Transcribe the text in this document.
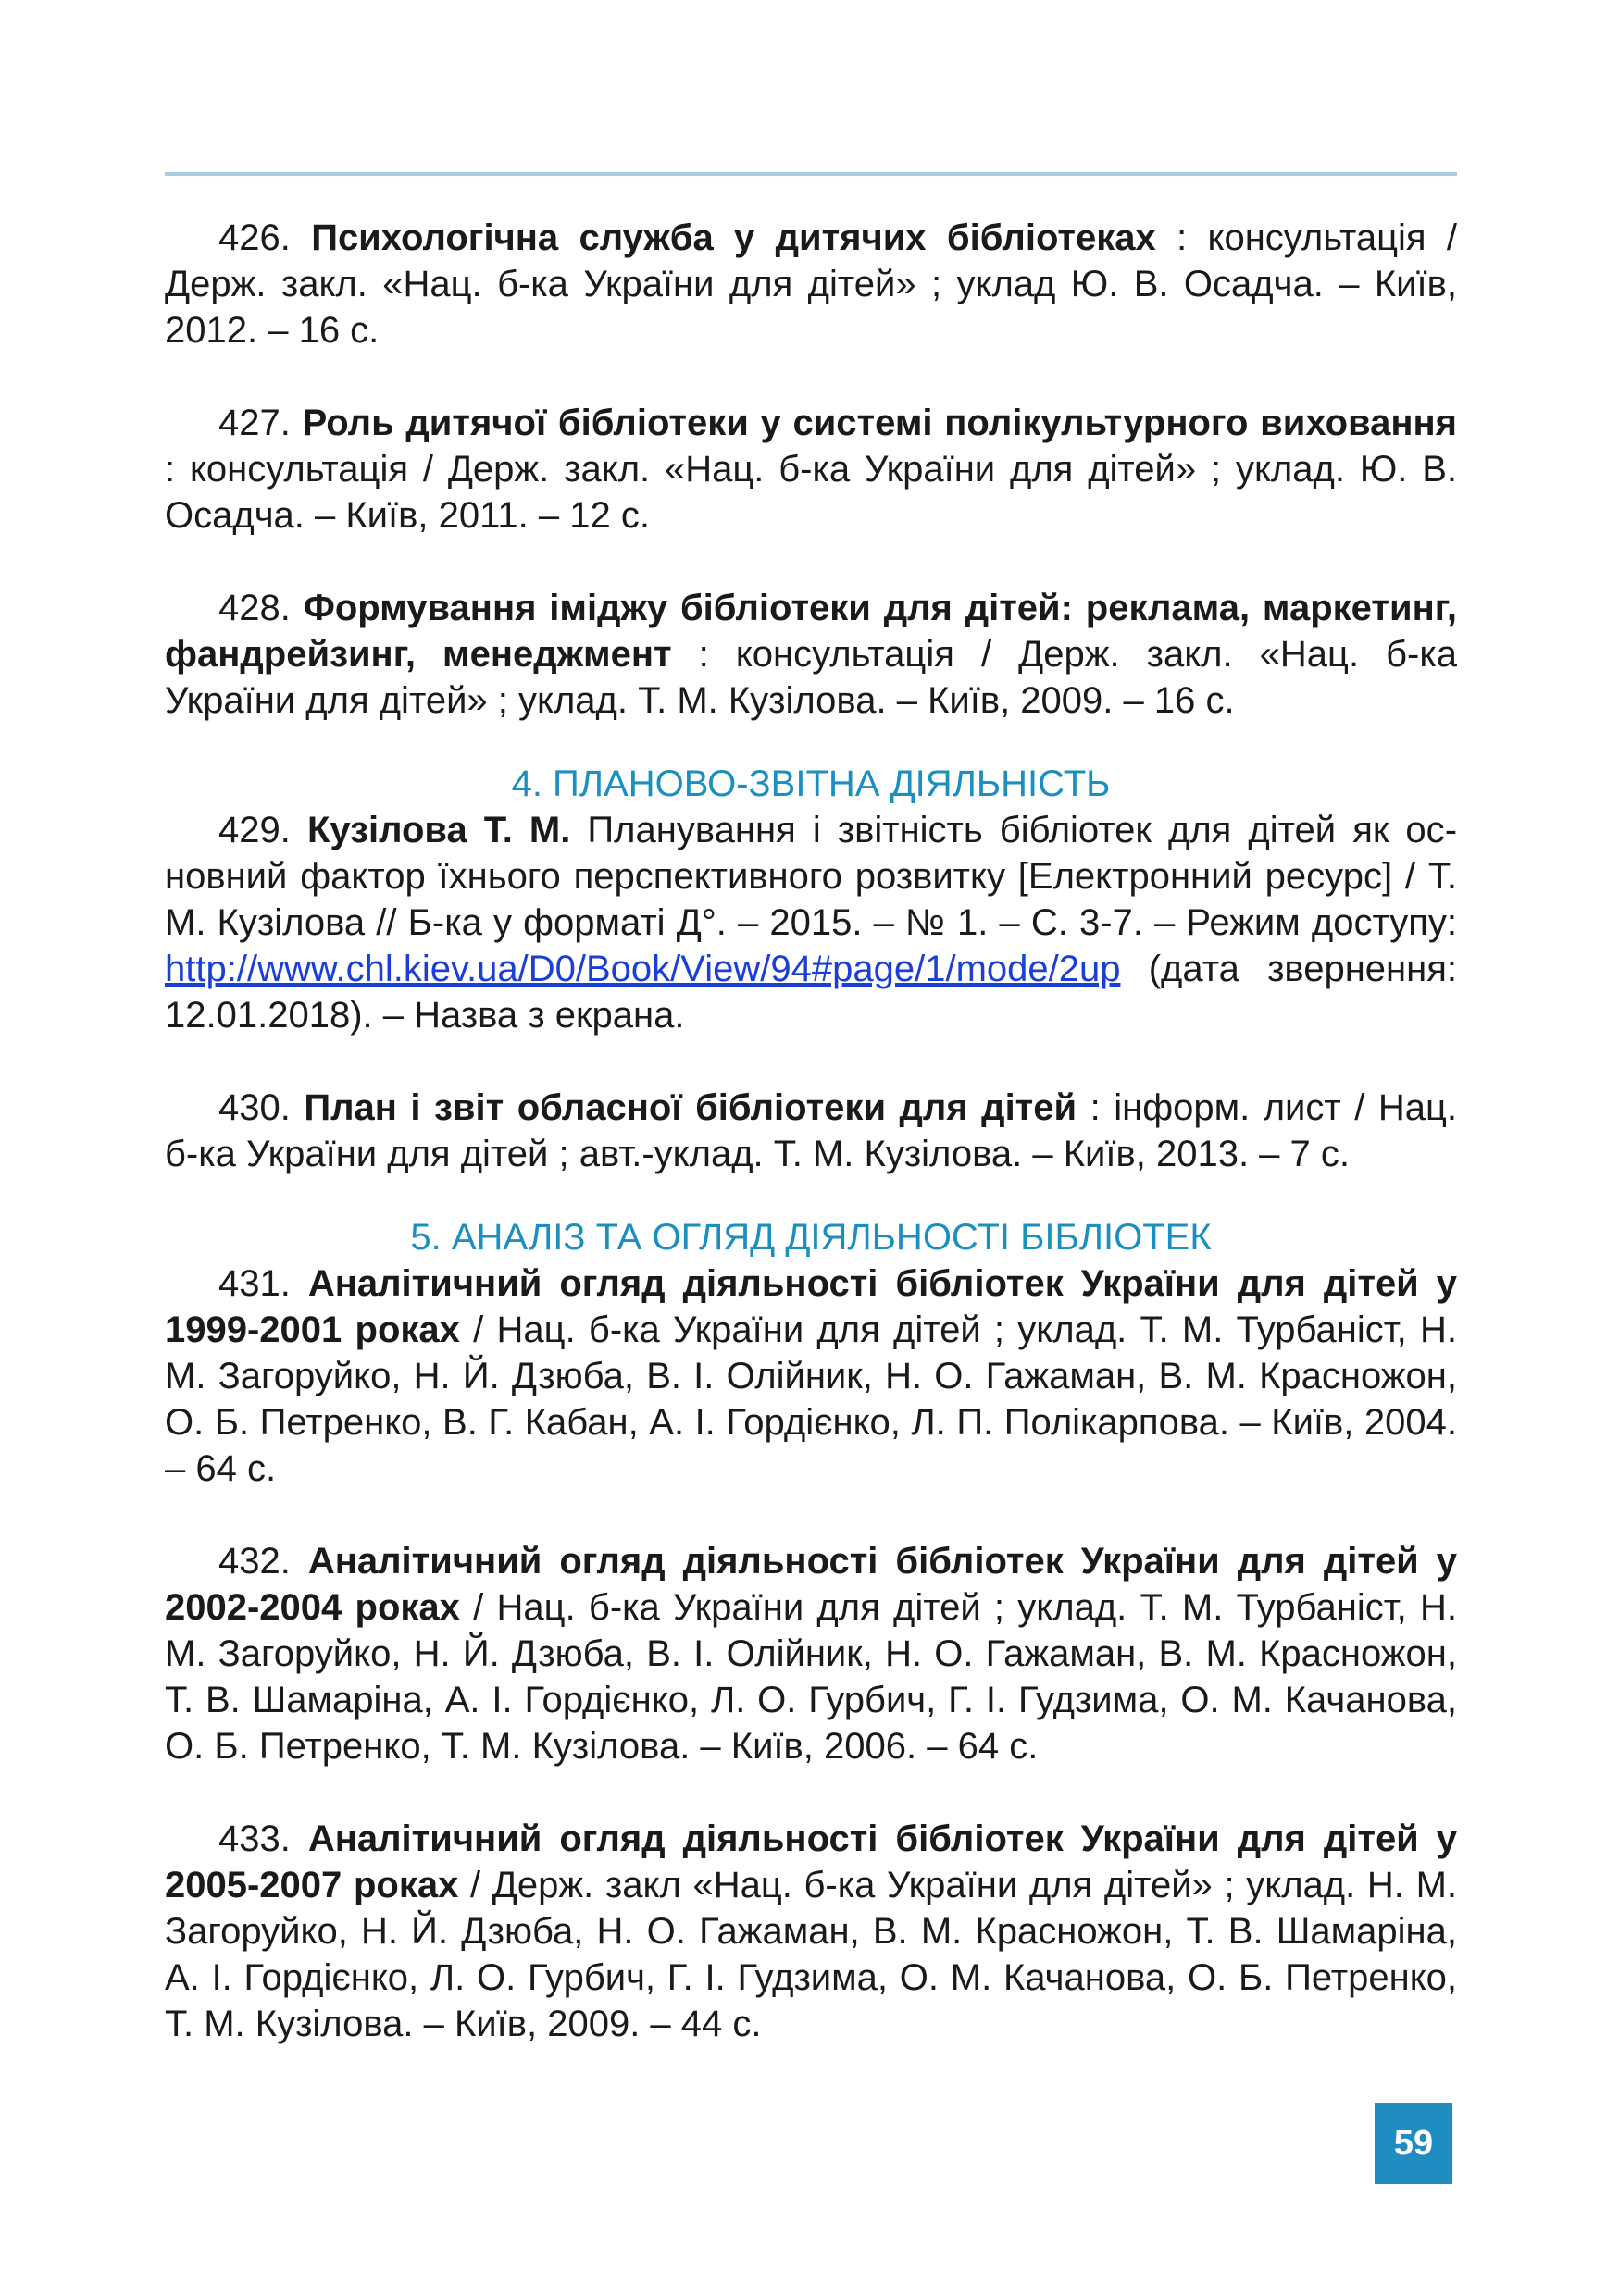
426. Психологічна служба у дитячих бібліотеках : консультація / Держ. закл. «Нац. б-ка України для дітей» ; уклад Ю. В. Осадча. – Київ, 2012. – 16 с.

427. Роль дитячої бібліотеки у системі полікультурного виховання : консультація / Держ. закл. «Нац. б-ка України для дітей» ; уклад. Ю. В. Осадча. – Київ, 2011. – 12 с.

428. Формування іміджу бібліотеки для дітей: реклама, маркетинг, фандрейзинг, менеджмент : консультація / Держ. закл. «Нац. б-ка України для дітей» ; уклад. Т. М. Кузілова. – Київ, 2009. – 16 с.

4. ПЛАНОВО-ЗВІТНА ДІЯЛЬНІСТЬ

429. Кузілова Т. М. Планування і звітність бібліотек для дітей як основний фактор їхнього перспективного розвитку [Електронний ресурс] / Т. М. Кузілова // Б-ка у форматі Д°. – 2015. – № 1. – С. 3-7. – Режим доступу: http://www.chl.kiev.ua/D0/Book/View/94#page/1/mode/2up (дата звернення: 12.01.2018). – Назва з екрана.

430. План і звіт обласної бібліотеки для дітей : інформ. лист / Нац. б-ка України для дітей ; авт.-уклад. Т. М. Кузілова. – Київ, 2013. – 7 с.

5. АНАЛІЗ ТА ОГЛЯД ДІЯЛЬНОСТІ БІБЛІОТЕК

431. Аналітичний огляд діяльності бібліотек України для дітей у 1999-2001 роках / Нац. б-ка України для дітей ; уклад. Т. М. Турбаніст, Н. М. Загоруйко, Н. Й. Дзюба, В. І. Олійник, Н. О. Гажаман, В. М. Красножон, О. Б. Петренко, В. Г. Кабан, А. І. Гордієнко, Л. П. Полікарпова. – Київ, 2004. – 64 с.

432. Аналітичний огляд діяльності бібліотек України для дітей у 2002-2004 роках / Нац. б-ка України для дітей ; уклад. Т. М. Турбаніст, Н. М. Загоруйко, Н. Й. Дзюба, В. І. Олійник, Н. О. Гажаман, В. М. Красножон, Т. В. Шамаріна, А. І. Гордієнко, Л. О. Гурбич, Г. І. Гудзима, О. М. Качанова, О. Б. Петренко, Т. М. Кузілова. – Київ, 2006. – 64 с.

433. Аналітичний огляд діяльності бібліотек України для дітей у 2005-2007 роках / Держ. закл «Нац. б-ка України для дітей» ; уклад. Н. М. Загоруйко, Н. Й. Дзюба, Н. О. Гажаман, В. М. Красножон, Т. В. Шамаріна, А. І. Гордієнко, Л. О. Гурбич, Г. І. Гудзима, О. М. Качанова, О. Б. Петренко, Т. М. Кузілова. – Київ, 2009. – 44 с.

59
